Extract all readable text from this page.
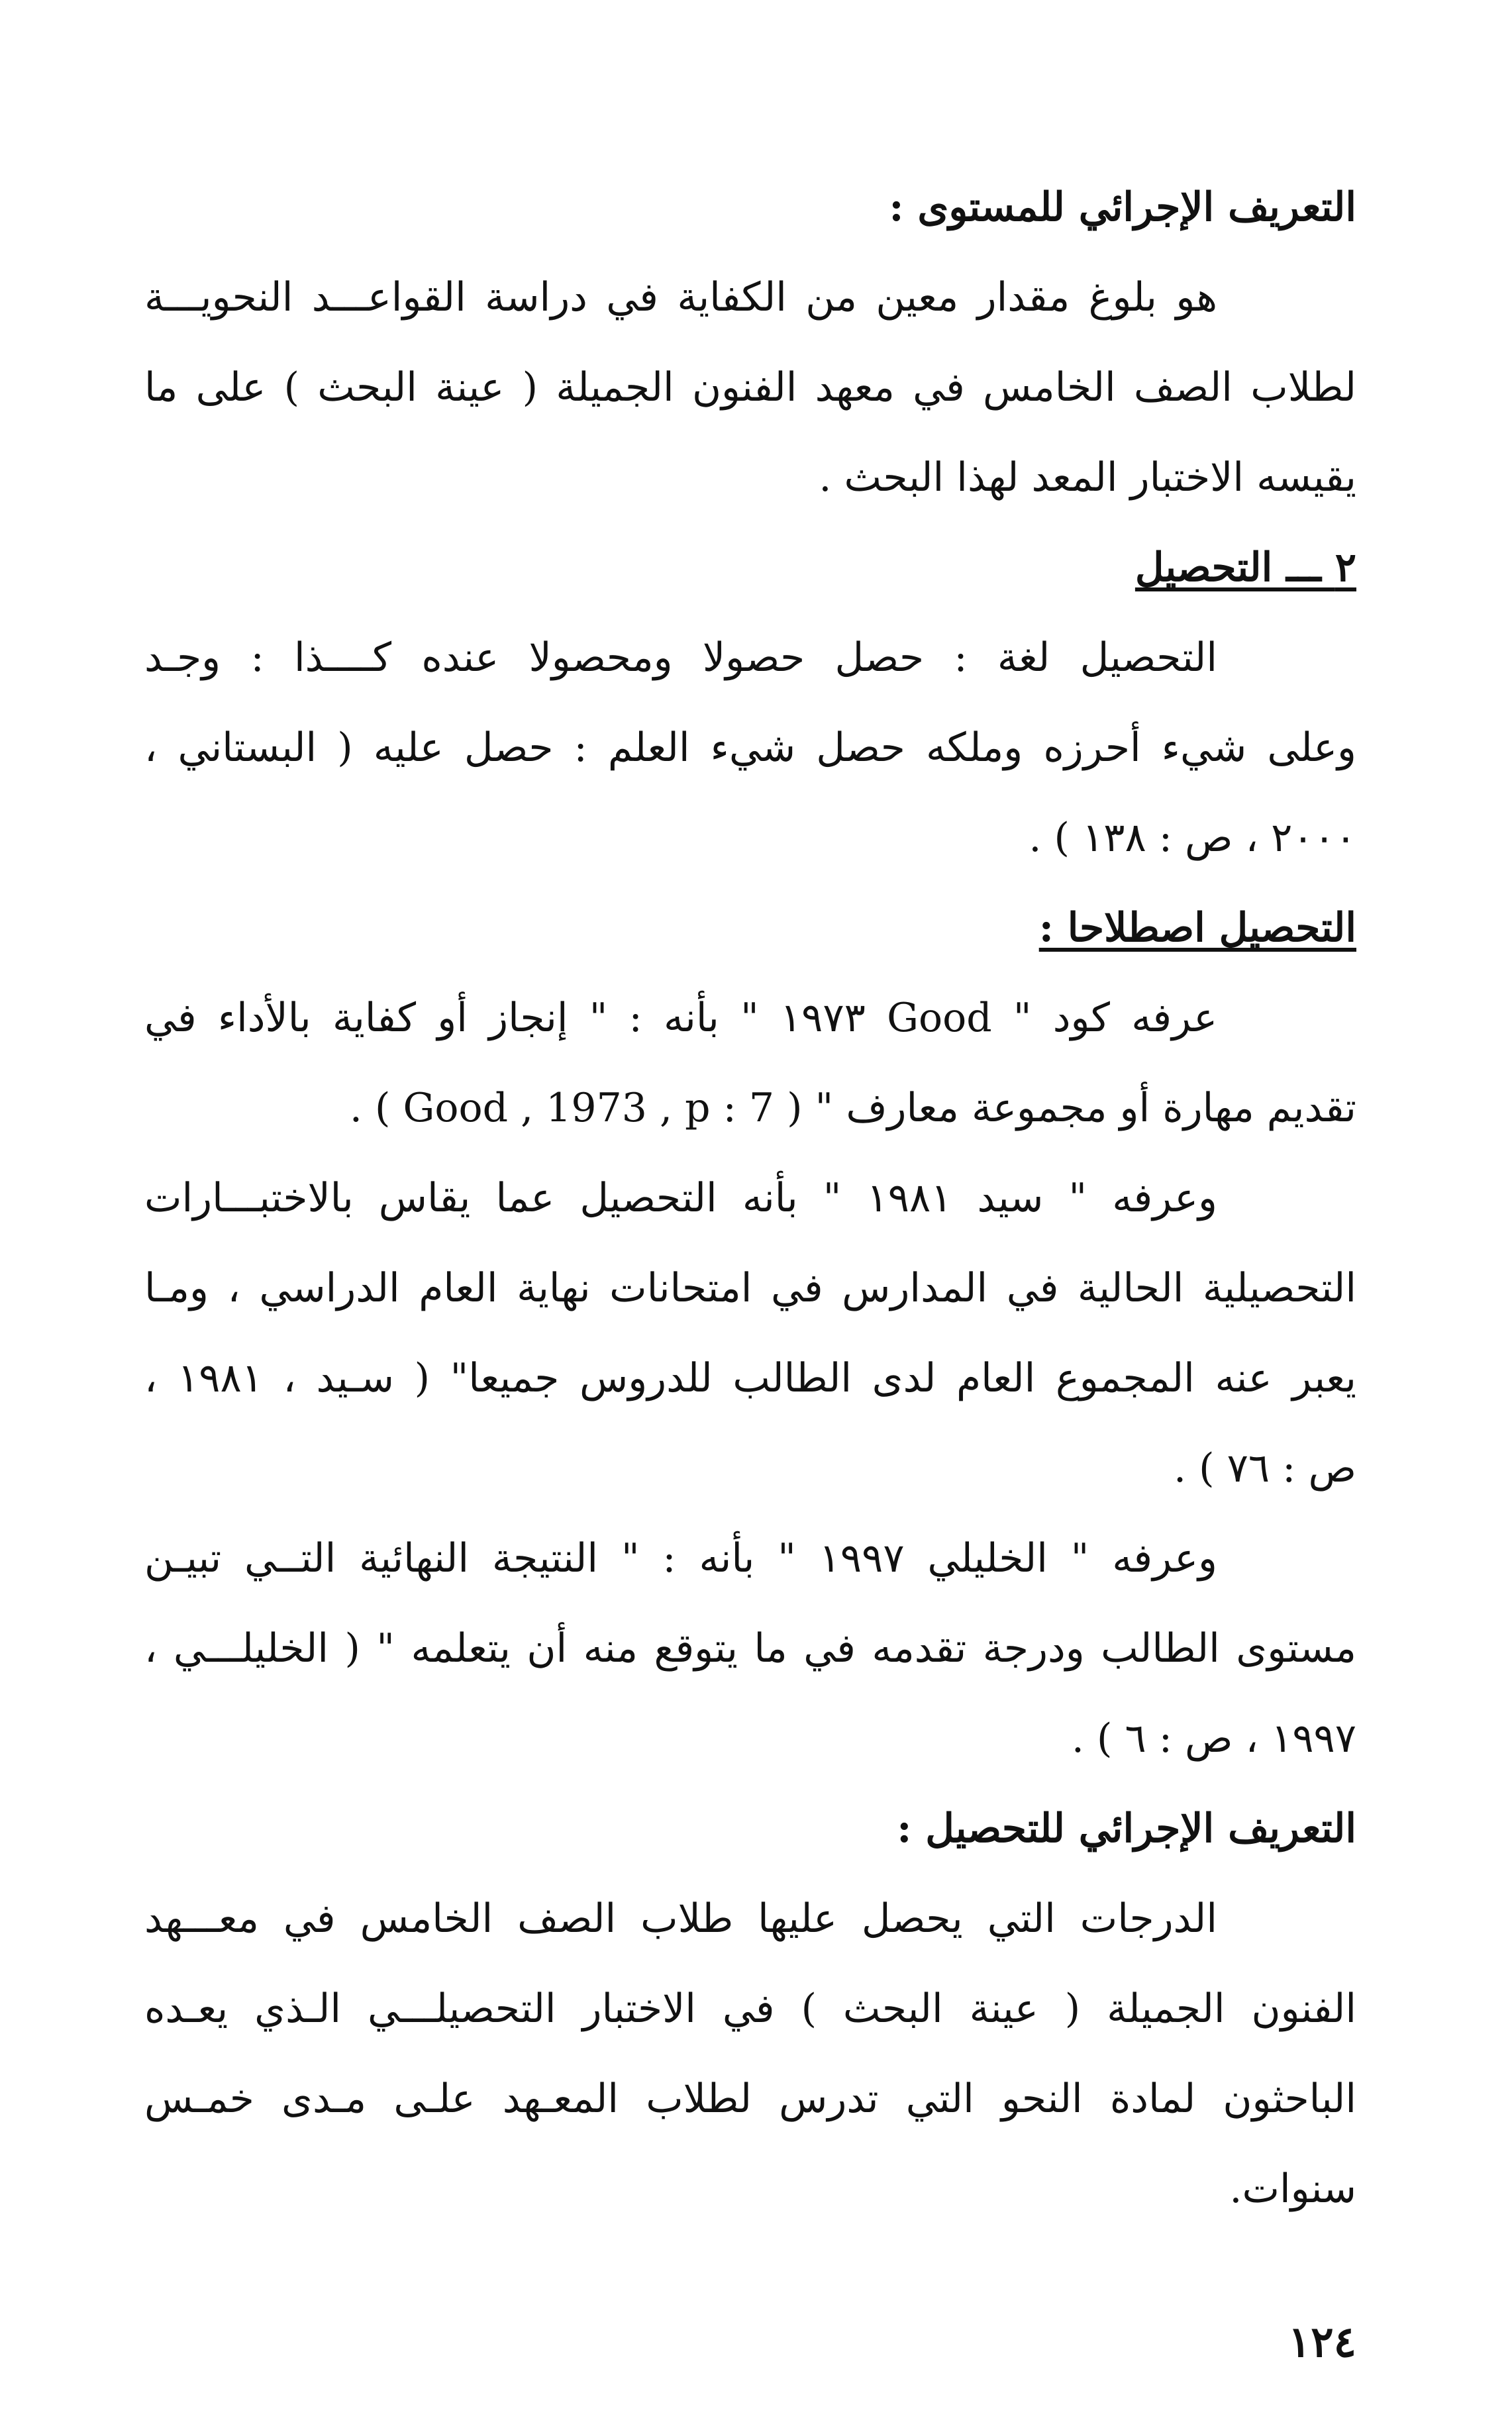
التعريف الإجرائي للمستوى :
هو بلوغ مقدار معين من الكفاية في دراسة القواعـــد النحويـــة
لطلاب الصف الخامس في معهد الفنون الجميلة ( عينة البحث ) على ما
يقيسه الاختبار المعد لهذا البحث .
٢ ـــ التحصيل
التحصيل لغة : حصل حصولا ومحصولا عنده كــــذا : وجـد
وعلى شيء أحرزه وملكه حصل شيء العلم : حصل عليه ( البستاني ،
٢٠٠٠ ، ص : ١٣٨ ) .
التحصيل اصطلاحا :
عرفه كود " Good ١٩٧٣ " بأنه : " إنجاز أو كفاية بالأداء في
تقديم مهارة أو مجموعة معارف " ( Good , 1973 , p : 7 ) .
وعرفه " سيد ١٩٨١ " بأنه التحصيل عما يقاس بالاختبـــارات
التحصيلية الحالية في المدارس في امتحانات نهاية العام الدراسي ، ومـا
يعبر عنه المجموع العام لدى الطالب للدروس جميعا" ( سـيد ، ١٩٨١ ،
ص : ٧٦ ) .
وعرفه " الخليلي ١٩٩٧ " بأنه : " النتيجة النهائية التــي تبيـن
مستوى الطالب ودرجة تقدمه في ما يتوقع منه أن يتعلمه " ( الخليلـــي ،
١٩٩٧ ، ص : ٦ ) .
التعريف الإجرائي للتحصيل :
الدرجات التي يحصل عليها طلاب الصف الخامس في معـــهد
الفنون الجميلة ( عينة البحث ) في الاختبار التحصيلـــي الـذي يعـده
الباحثون لمادة النحو التي تدرس لطلاب المعـهد علـى مـدى خمـس
سنوات.
١٢٤
